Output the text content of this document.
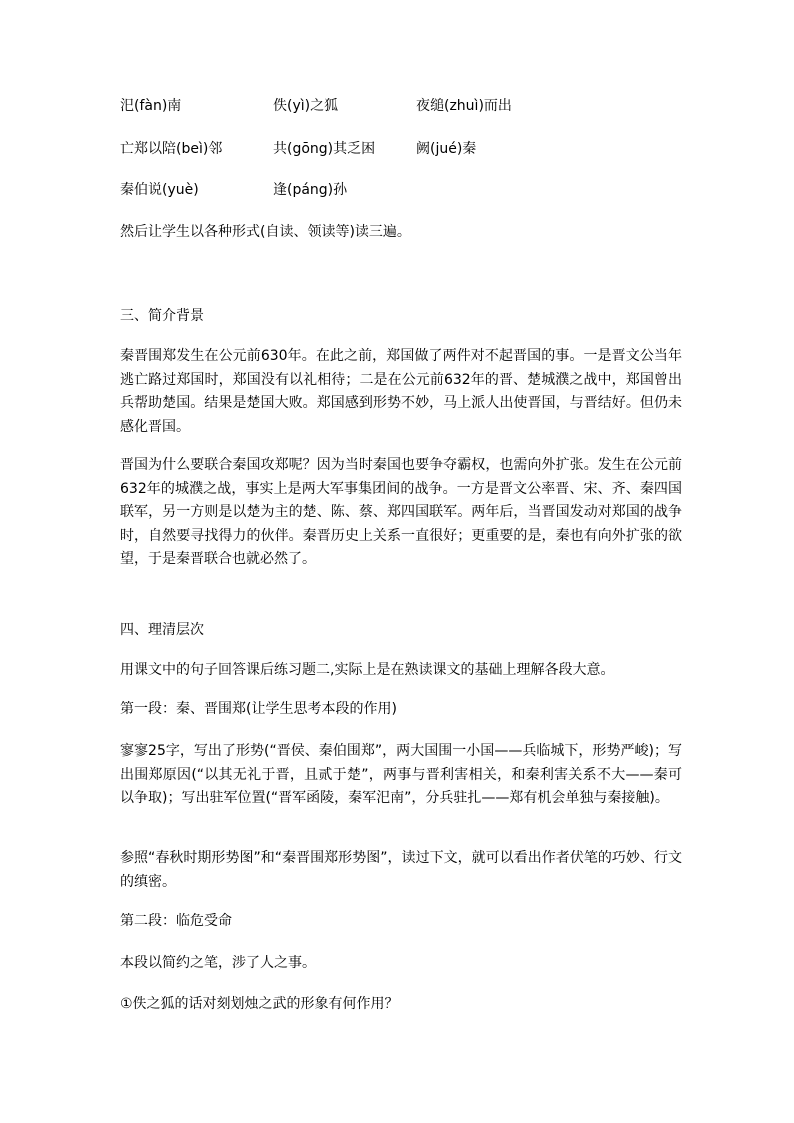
汜(fàn)南	佚(yì)之狐	夜缒(zhuì)而出
亡郑以陪(beì)邻	共(gōng)其乏困	阙(jué)秦
秦伯说(yuè)	逢(páng)孙
然后让学生以各种形式(自读、领读等)读三遍。
三、简介背景
秦晋围郑发生在公元前630年。在此之前，郑国做了两件对不起晋国的事。一是晋文公当年逃亡路过郑国时，郑国没有以礼相待；二是在公元前632年的晋、楚城濮之战中，郑国曾出兵帮助楚国。结果是楚国大败。郑国感到形势不妙，马上派人出使晋国，与晋结好。但仍未感化晋国。
晋国为什么要联合秦国攻郑呢？因为当时秦国也要争夺霸权，也需向外扩张。发生在公元前632年的城濮之战，事实上是两大军事集团间的战争。一方是晋文公率晋、宋、齐、秦四国联军，另一方则是以楚为主的楚、陈、蔡、郑四国联军。两年后，当晋国发动对郑国的战争时，自然要寻找得力的伙伴。秦晋历史上关系一直很好；更重要的是，秦也有向外扩张的欲望，于是秦晋联合也就必然了。
四、理清层次
用课文中的句子回答课后练习题二,实际上是在熟读课文的基础上理解各段大意。
第一段：秦、晋围郑(让学生思考本段的作用)
寥寥25字，写出了形势(“晋侯、秦伯围郑”，两大国围一小国——兵临城下，形势严峻)；写出围郑原因(“以其无礼于晋，且贰于楚”，两事与晋利害相关，和秦利害关系不大——秦可以争取)；写出驻军位置(“晋军函陵，秦军汜南”，分兵驻扎——郑有机会单独与秦接触)。
参照“春秋时期形势图”和“秦晋围郑形势图”，读过下文，就可以看出作者伏笔的巧妙、行文的缜密。
第二段：临危受命
本段以简约之笔，涉了人之事。
①佚之狐的话对刻划烛之武的形象有何作用？
